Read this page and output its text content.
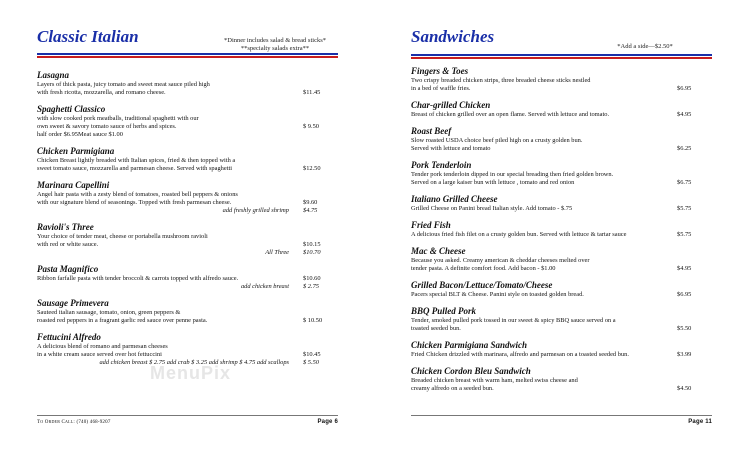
Classic Italian	*Dinner includes salad & bread sticks*
**specialty salads extra**
Lasagna
Layers of thick pasta, juicy tomato and sweet meat sauce piled high
with fresh ricotta, mozzarella, and romano cheese.	$11.45
Spaghetti Classico
with slow cooked pork meatballs, traditional spaghetti with our
own sweet & savory tomato sauce of herbs and spices.	$ 9.50
half order $6.95Meat sauce $1.00
Chicken Parmigiana
Chicken Breast lightly breaded with Italian spices, fried & then topped with a
sweet tomato sauce, mozzarella and parmesan cheese. Served with spaghetti	$12.50
Marinara Capellini
Angel hair pasta with a zesty blend of tomatoes, roasted bell peppers & onions
with our signature blend of seasonings. Topped with fresh parmesan cheese.	$9.60
add freshly grilled shrimp	$4.75
Ravioli's Three
Your choice of tender meat, cheese or portabella mushroom ravioli
with red or white sauce.	$10.15
All Three	$10.70
Pasta Magnifico
Ribbon farfalle pasta with tender broccoli & carrots topped with alfredo sauce.	$10.60
add chicken breast	$ 2.75
Sausage Primevera
Sauteed italian sausage, tomato, onion, green peppers &
roasted red peppers in a fragrant garlic red sauce over penne pasta.	$ 10.50
Fettucini Alfredo
A delicious blend of romano and parmesan cheeses
in a white cream sauce served over hot fettuccini	$10.45
add chicken breast $ 2.75 add crab $ 3.25 add shrimp $ 4.75 add scallops	$ 5.50
To Order Call: (740) 468-9207	Page 6
Sandwiches
*Add a side—$2.50*
Fingers & Toes
Two crispy breaded chicken strips, three breaded cheese sticks nestled
in a bed of waffle fries.	$6.95
Char-grilled Chicken
Breast of chicken grilled over an open flame. Served with lettuce and tomato.	$4.95
Roast Beef
Slow roasted USDA choice beef piled high on a crusty golden bun.
Served with lettuce and tomato	$6.25
Pork Tenderloin
Tender pork tenderloin dipped in our special breading then fried golden brown.
Served on a large kaiser bun with lettuce , tomato and red onion	$6.75
Italiano Grilled Cheese
Grilled Cheese on Panini bread Italian style. Add tomato - $.75	$5.75
Fried Fish
A delicious fried fish filet on a crusty golden bun. Served with lettuce & tartar sauce	$5.75
Mac & Cheese
Because you asked. Creamy american & cheddar cheeses melted over
tender pasta. A definite comfort food. Add bacon - $1.00	$4.95
Grilled Bacon/Lettuce/Tomato/Cheese
Pacers special BLT & Cheese. Panini style on toasted golden bread.	$6.95
BBQ Pulled Pork
Tender, smoked pulled pork tossed in our sweet & spicy BBQ sauce served on a
toasted seeded bun.	$5.50
Chicken Parmigiana Sandwich
Fried Chicken drizzled with marinara, alfredo and parmesan on a toasted seeded bun.	$3.99
Chicken Cordon Bleu Sandwich
Breaded chicken breast with warm ham, melted swiss cheese and
creamy alfredo on a seeded bun.	$4.50
Page 11
MenuPix
